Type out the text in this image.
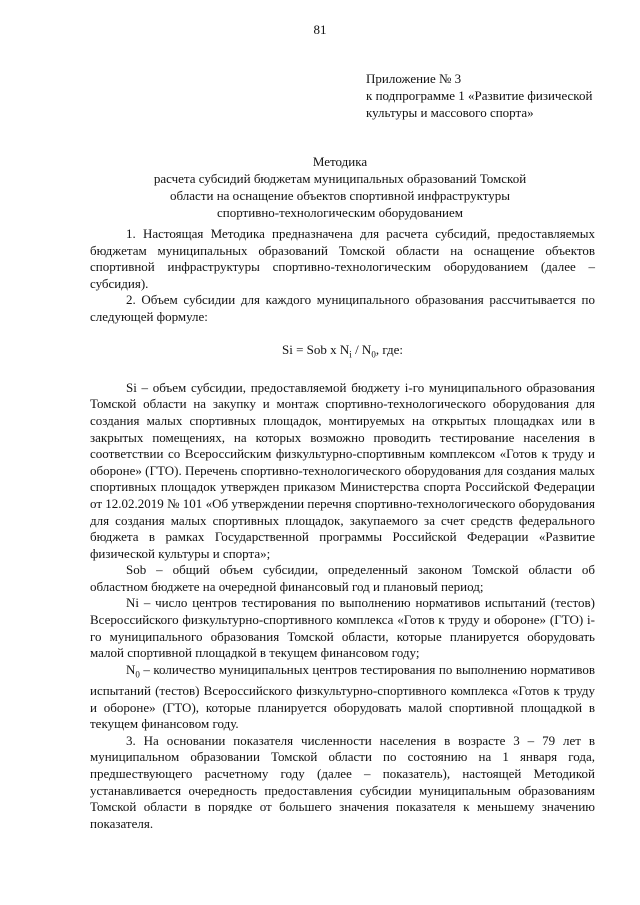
81
Приложение № 3
к подпрограмме 1 «Развитие физической
культуры и массового спорта»
Методика
расчета субсидий бюджетам муниципальных образований Томской
области на оснащение объектов спортивной инфраструктуры
спортивно-технологическим оборудованием

1. Настоящая Методика предназначена для расчета субсидий, предоставляемых бюджетам муниципальных образований Томской области на оснащение объектов спортивной инфраструктуры спортивно-технологическим оборудованием (далее – субсидия).

2. Объем субсидии для каждого муниципального образования рассчитывается по следующей формуле:

Si = Sob x $N_i / N_0$, где:

Si – объем субсидии, предоставляемой бюджету i-го муниципального образования Томской области на закупку и монтаж спортивно-технологического оборудования для создания малых спортивных площадок, монтируемых на открытых площадках или в закрытых помещениях, на которых возможно проводить тестирование населения в соответствии со Всероссийским физкультурно-спортивным комплексом «Готов к труду и обороне» (ГТО). Перечень спортивно-технологического оборудования для создания малых спортивных площадок утвержден приказом Министерства спорта Российской Федерации от 12.02.2019 № 101 «Об утверждении перечня спортивно-технологического оборудования для создания малых спортивных площадок, закупаемого за счет средств федерального бюджета в рамках Государственной программы Российской Федерации «Развитие физической культуры и спорта»;

Sob – общий объем субсидии, определенный законом Томской области об областном бюджете на очередной финансовый год и плановый период;

Ni – число центров тестирования по выполнению нормативов испытаний (тестов) Всероссийского физкультурно-спортивного комплекса «Готов к труду и обороне» (ГТО) i-го муниципального образования Томской области, которые планируется оборудовать малой спортивной площадкой в текущем финансовом году;

$N_0$ – количество муниципальных центров тестирования по выполнению нормативов испытаний (тестов) Всероссийского физкультурно-спортивного комплекса «Готов к труду и обороне» (ГТО), которые планируется оборудовать малой спортивной площадкой в текущем финансовом году.

3. На основании показателя численности населения в возрасте 3 – 79 лет в муниципальном образовании Томской области по состоянию на 1 января года, предшествующего расчетному году (далее – показатель), настоящей Методикой устанавливается очередность предоставления субсидии муниципальным образованиям Томской области в порядке от большего значения показателя к меньшему значению показателя.
